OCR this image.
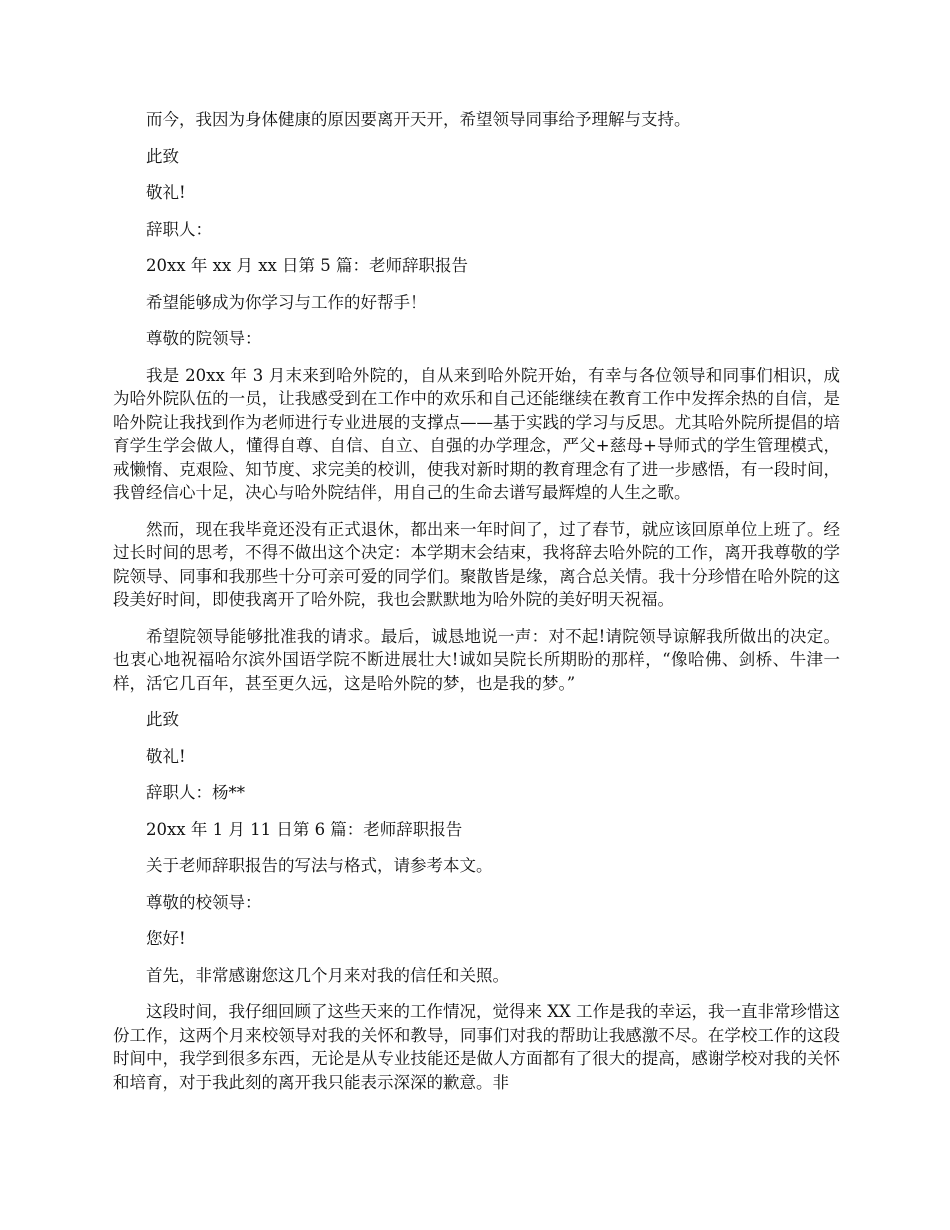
而今，我因为身体健康的原因要离开天开，希望领导同事给予理解与支持。

此致

敬礼!

辞职人：

20xx 年 xx 月 xx 日第 5 篇：老师辞职报告

希望能够成为你学习与工作的好帮手！

尊敬的院领导：

我是 20xx 年 3 月末来到哈外院的，自从来到哈外院开始，有幸与各位领导和同事们相识，成为哈外院队伍的一员，让我感受到在工作中的欢乐和自己还能继续在教育工作中发挥余热的自信，是哈外院让我找到作为老师进行专业进展的支撑点——基于实践的学习与反思。尤其哈外院所提倡的培育学生学会做人，懂得自尊、自信、自立、自强的办学理念，严父+慈母+导师式的学生管理模式，戒懒惰、克艰险、知节度、求完美的校训，使我对新时期的教育理念有了进一步感悟，有一段时间，我曾经信心十足，决心与哈外院结伴，用自己的生命去谱写最辉煌的人生之歌。

然而，现在我毕竟还没有正式退休，都出来一年时间了，过了春节，就应该回原单位上班了。经过长时间的思考，不得不做出这个决定：本学期末会结束，我将辞去哈外院的工作，离开我尊敬的学院领导、同事和我那些十分可亲可爱的同学们。聚散皆是缘，离合总关情。我十分珍惜在哈外院的这段美好时间，即使我离开了哈外院，我也会默默地为哈外院的美好明天祝福。

希望院领导能够批准我的请求。最后，诚恳地说一声：对不起!请院领导谅解我所做出的决定。也衷心地祝福哈尔滨外国语学院不断进展壮大!诚如吴院长所期盼的那样，“像哈佛、剑桥、牛津一样，活它几百年，甚至更久远，这是哈外院的梦，也是我的梦。”

此致

敬礼!

辞职人：杨**

20xx 年 1 月 11 日第 6 篇：老师辞职报告

关于老师辞职报告的写法与格式，请参考本文。

尊敬的校领导：

您好!

首先，非常感谢您这几个月来对我的信任和关照。

这段时间，我仔细回顾了这些天来的工作情况，觉得来 XX 工作是我的幸运，我一直非常珍惜这份工作，这两个月来校领导对我的关怀和教导，同事们对我的帮助让我感激不尽。在学校工作的这段时间中，我学到很多东西，无论是从专业技能还是做人方面都有了很大的提高，感谢学校对我的关怀和培育，对于我此刻的离开我只能表示深深的歉意。非
